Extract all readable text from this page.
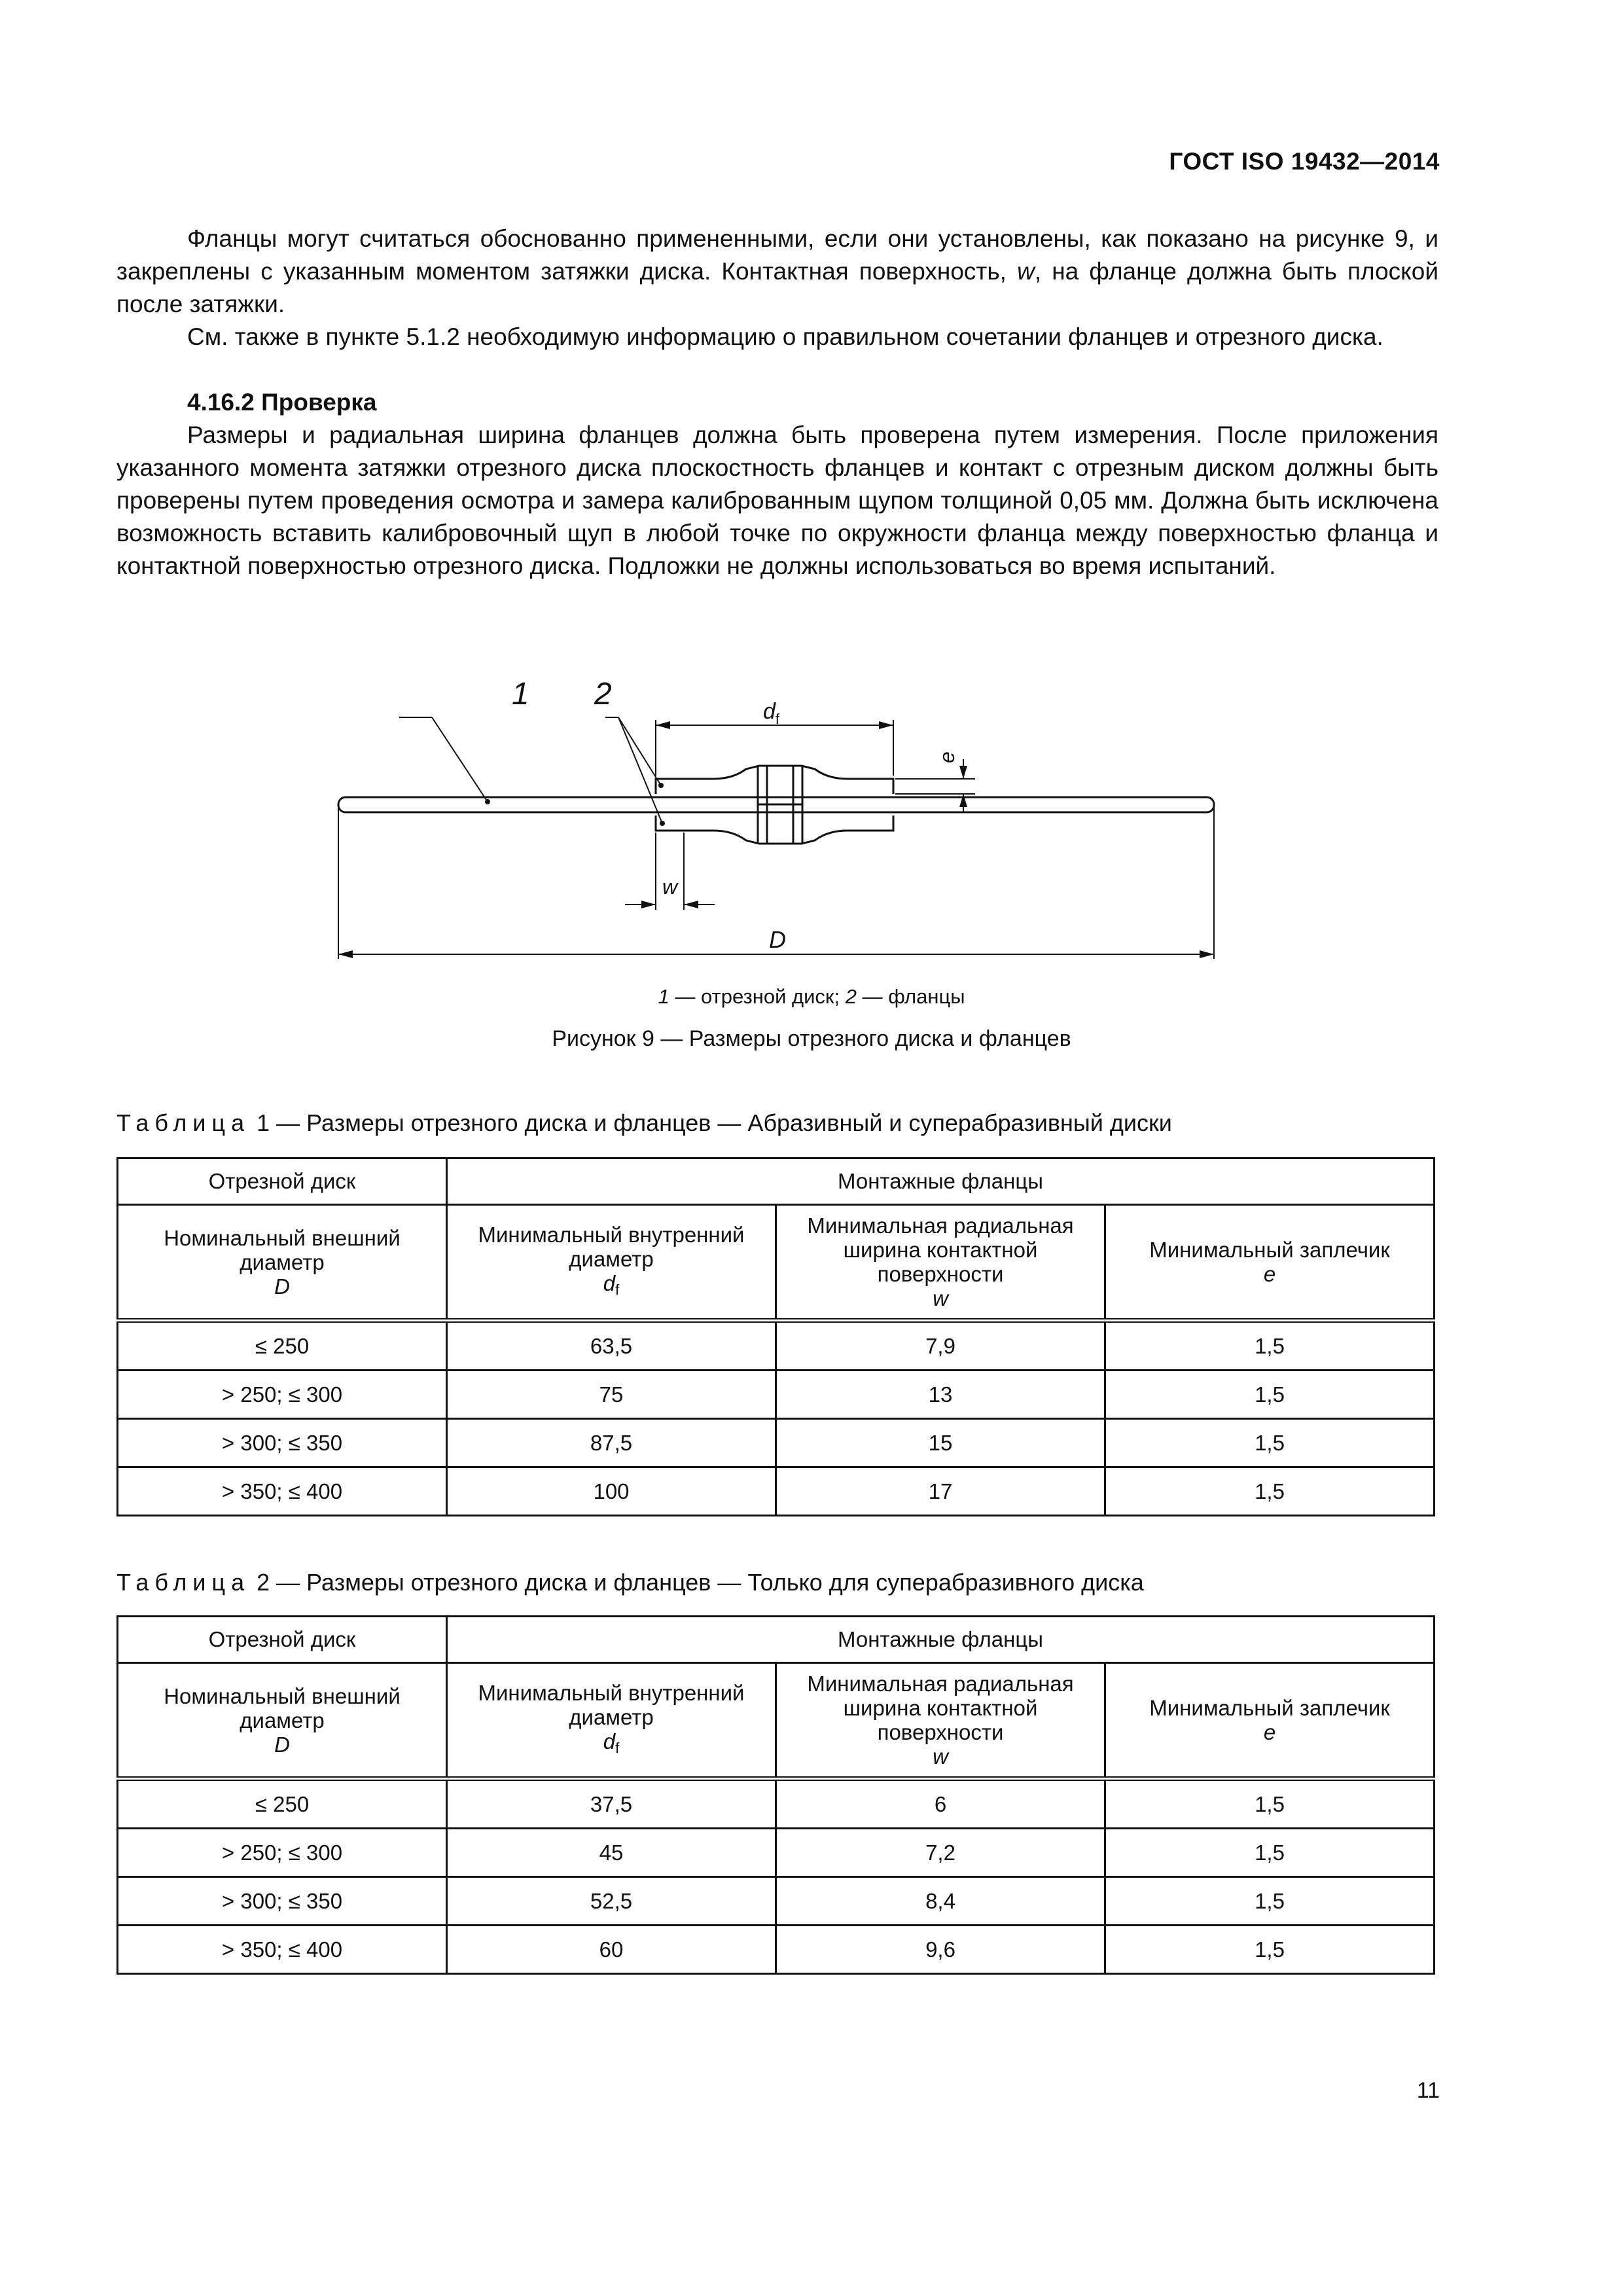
ГОСТ ISO 19432—2014
Фланцы могут считаться обоснованно примененными, если они установлены, как показано на рисунке 9, и закреплены с указанным моментом затяжки диска. Контактная поверхность, w, на фланце должна быть плоской после затяжки.
См. также в пункте 5.1.2 необходимую информацию о правильном сочетании фланцев и отрезного диска.
4.16.2 Проверка
Размеры и радиальная ширина фланцев должна быть проверена путем измерения. После приложения указанного момента затяжки отрезного диска плоскостность фланцев и контакт с отрезным диском должны быть проверены путем проведения осмотра и замера калиброванным щупом толщиной 0,05 мм. Должна быть исключена возможность вставить калибровочный щуп в любой точке по окружности фланца между поверхностью фланца и контактной поверхностью отрезного диска. Подложки не должны использоваться во время испытаний.
1 2	$d_f$
e
w
D
1 — отрезной диск; 2 — фланцы
Рисунок 9 — Размеры отрезного диска и фланцев
Таблица 1 — Размеры отрезного диска и фланцев — Абразивный и суперабразивный диски
Отрезной диск	Монтажные фланцы		
Номинальный внешний
диаметр
D	Минимальный внутренний
диаметр
$d_f$	Минимальная радиальная
ширина контактной
поверхности
w	Минимальный заплечик
e
≤ 250	63,5	7,9	1,5
> 250; ≤ 300	75	13	1,5
> 300; ≤ 350	87,5	15	1,5
> 350; ≤ 400	100	17	1,5
Таблица 2 — Размеры отрезного диска и фланцев — Только для суперабразивного диска
Отрезной диск	Монтажные фланцы		
Номинальный внешний
диаметр
D	Минимальный внутренний
диаметр
$d_f$	Минимальная радиальная
ширина контактной
поверхности
w	Минимальный заплечик
e
≤ 250	37,5	6	1,5
> 250; ≤ 300	45	7,2	1,5
> 300; ≤ 350	52,5	8,4	1,5
> 350; ≤ 400	60	9,6	1,5
11
